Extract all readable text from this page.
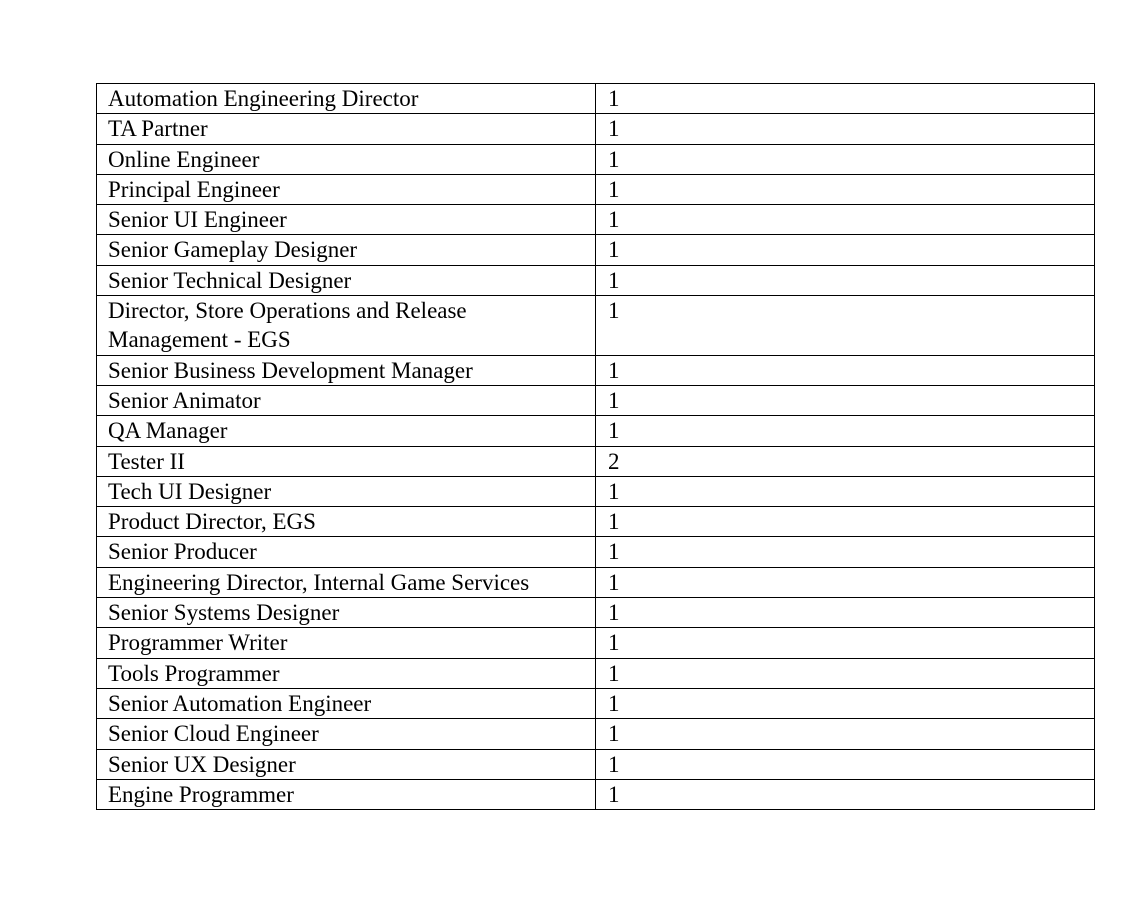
Automation Engineering Director	1
TA Partner	1
Online Engineer	1
Principal Engineer	1
Senior UI Engineer	1
Senior Gameplay Designer	1
Senior Technical Designer	1
Director, Store Operations and Release Management - EGS	1
Senior Business Development Manager	1
Senior Animator	1
QA Manager	1
Tester II	2
Tech UI Designer	1
Product Director, EGS	1
Senior Producer	1
Engineering Director, Internal Game Services	1
Senior Systems Designer	1
Programmer Writer	1
Tools Programmer	1
Senior Automation Engineer	1
Senior Cloud Engineer	1
Senior UX Designer	1
Engine Programmer	1
